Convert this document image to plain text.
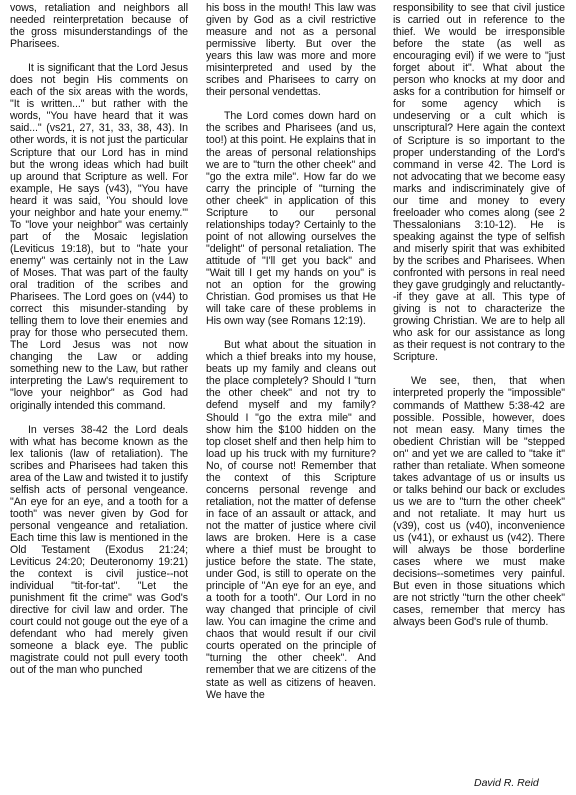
vows, retaliation and neighbors all needed reinterpretation because of the gross misunderstandings of the Pharisees.

It is significant that the Lord Jesus does not begin His comments on each of the six areas with the words, "It is written..." but rather with the words, "You have heard that it was said..." (vs21, 27, 31, 33, 38, 43). In other words, it is not just the particular Scripture that our Lord has in mind but the wrong ideas which had built up around that Scripture as well. For example, He says (v43), "You have heard it was said, 'You should love your neighbor and hate your enemy.'" To "love your neighbor" was certainly part of the Mosaic legislation (Leviticus 19:18), but to "hate your enemy" was certainly not in the Law of Moses. That was part of the faulty oral tradition of the scribes and Pharisees. The Lord goes on (v44) to correct this misunder-standing by telling them to love their enemies and pray for those who persecuted them. The Lord Jesus was not now changing the Law or adding something new to the Law, but rather interpreting the Law's requirement to "love your neighbor" as God had originally intended this command.

In verses 38-42 the Lord deals with what has become known as the lex talionis (law of retaliation). The scribes and Pharisees had taken this area of the Law and twisted it to justify selfish acts of personal vengeance. "An eye for an eye, and a tooth for a tooth" was never given by God for personal vengeance and retaliation. Each time this law is mentioned in the Old Testament (Exodus 21:24; Leviticus 24:20; Deuteronomy 19:21) the context is civil justice--not individual "tit-for-tat". "Let the punishment fit the crime" was God's directive for civil law and order. The court could not gouge out the eye of a defendant who had merely given someone a black eye. The public magistrate could not pull every tooth out of the man who punched

his boss in the mouth! This law was given by God as a civil restrictive measure and not as a personal permissive liberty. But over the years this law was more and more misinterpreted and used by the scribes and Pharisees to carry on their personal vendettas.

The Lord comes down hard on the scribes and Pharisees (and us, too!) at this point. He explains that in the areas of personal relationships we are to "turn the other cheek" and "go the extra mile". How far do we carry the principle of "turning the other cheek" in application of this Scripture to our personal relationships today? Certainly to the point of not allowing ourselves the "delight" of personal retaliation. The attitude of "I'll get you back" and "Wait till I get my hands on you" is not an option for the growing Christian. God promises us that He will take care of these problems in His own way (see Romans 12:19).

But what about the situation in which a thief breaks into my house, beats up my family and cleans out the place completely? Should I "turn the other cheek" and not try to defend myself and my family? Should I "go the extra mile" and show him the $100 hidden on the top closet shelf and then help him to load up his truck with my furniture? No, of course not! Remember that the context of this Scripture concerns personal revenge and retaliation, not the matter of defense in face of an assault or attack, and not the matter of justice where civil laws are broken. Here is a case where a thief must be brought to justice before the state. The state, under God, is still to operate on the principle of "An eye for an eye, and a tooth for a tooth". Our Lord in no way changed that principle of civil law. You can imagine the crime and chaos that would result if our civil courts operated on the principle of "turning the other cheek". And remember that we are citizens of the state as well as citizens of heaven. We have the

responsibility to see that civil justice is carried out in reference to the thief. We would be irresponsible before the state (as well as encouraging evil) if we were to "just forget about it". What about the person who knocks at my door and asks for a contribution for himself or for some agency which is undeserving or a cult which is unscriptural? Here again the context of Scripture is so important to the proper understanding of the Lord's command in verse 42. The Lord is not advocating that we become easy marks and indiscriminately give of our time and money to every freeloader who comes along (see 2 Thessalonians 3:10-12). He is speaking against the type of selfish and miserly spirit that was exhibited by the scribes and Pharisees. When confronted with persons in real need they gave grudgingly and reluctantly--if they gave at all. This type of giving is not to characterize the growing Christian. We are to help all who ask for our assistance as long as their request is not contrary to the Scripture.

We see, then, that when interpreted properly the "impossible" commands of Matthew 5:38-42 are possible. Possible, however, does not mean easy. Many times the obedient Christian will be "stepped on" and yet we are called to "take it" rather than retaliate. When someone takes advantage of us or insults us or talks behind our back or excludes us we are to "turn the other cheek" and not retaliate. It may hurt us (v39), cost us (v40), inconvenience us (v41), or exhaust us (v42). There will always be those borderline cases where we must make decisions--sometimes very painful. But even in those situations which are not strictly "turn the other cheek" cases, remember that mercy has always been God's rule of thumb.

David R. Reid
